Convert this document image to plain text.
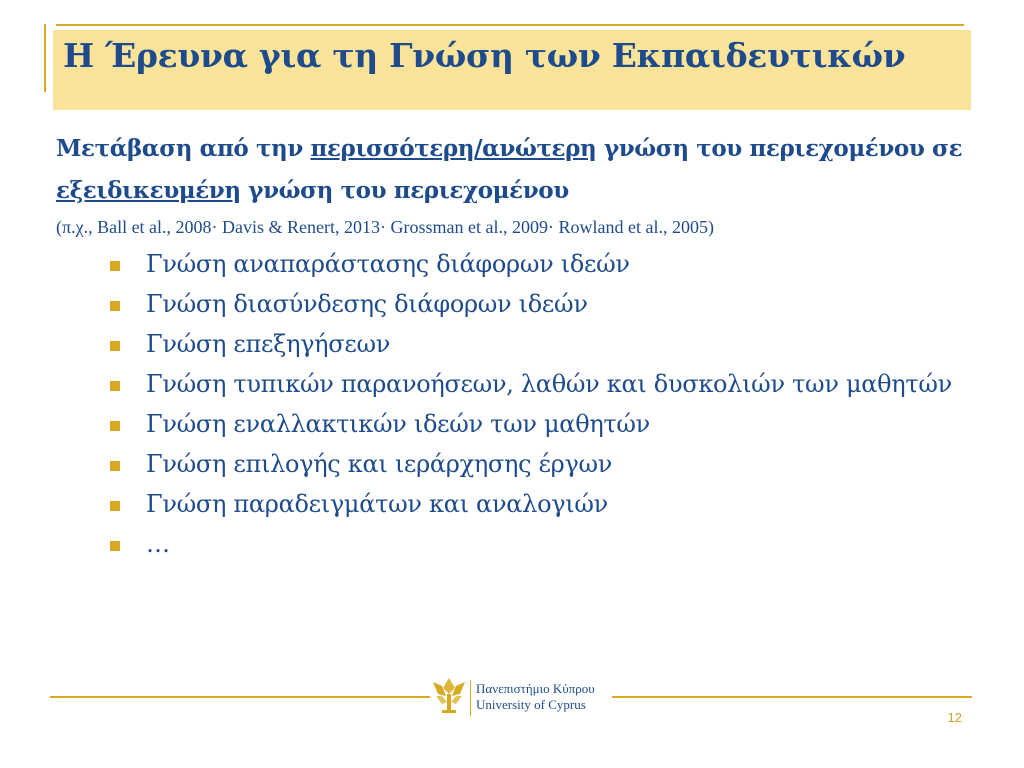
Η Έρευνα για τη Γνώση των Εκπαιδευτικών

Μετάβαση από την περισσότερη/ανώτερη γνώση του περιεχομένου σε εξειδικευμένη γνώση του περιεχομένου

(π.χ., Ball et al., 2008· Davis & Renert, 2013· Grossman et al., 2009· Rowland et al., 2005)

Γνώση αναπαράστασης διάφορων ιδεών
Γνώση διασύνδεσης διάφορων ιδεών
Γνώση επεξηγήσεων
Γνώση τυπικών παρανοήσεων, λαθών και δυσκολιών των μαθητών
Γνώση εναλλακτικών ιδεών των μαθητών
Γνώση επιλογής και ιεράρχησης έργων
Γνώση παραδειγμάτων και αναλογιών
…
Πανεπιστήμιο Κύπρου
University of Cyprus
12
